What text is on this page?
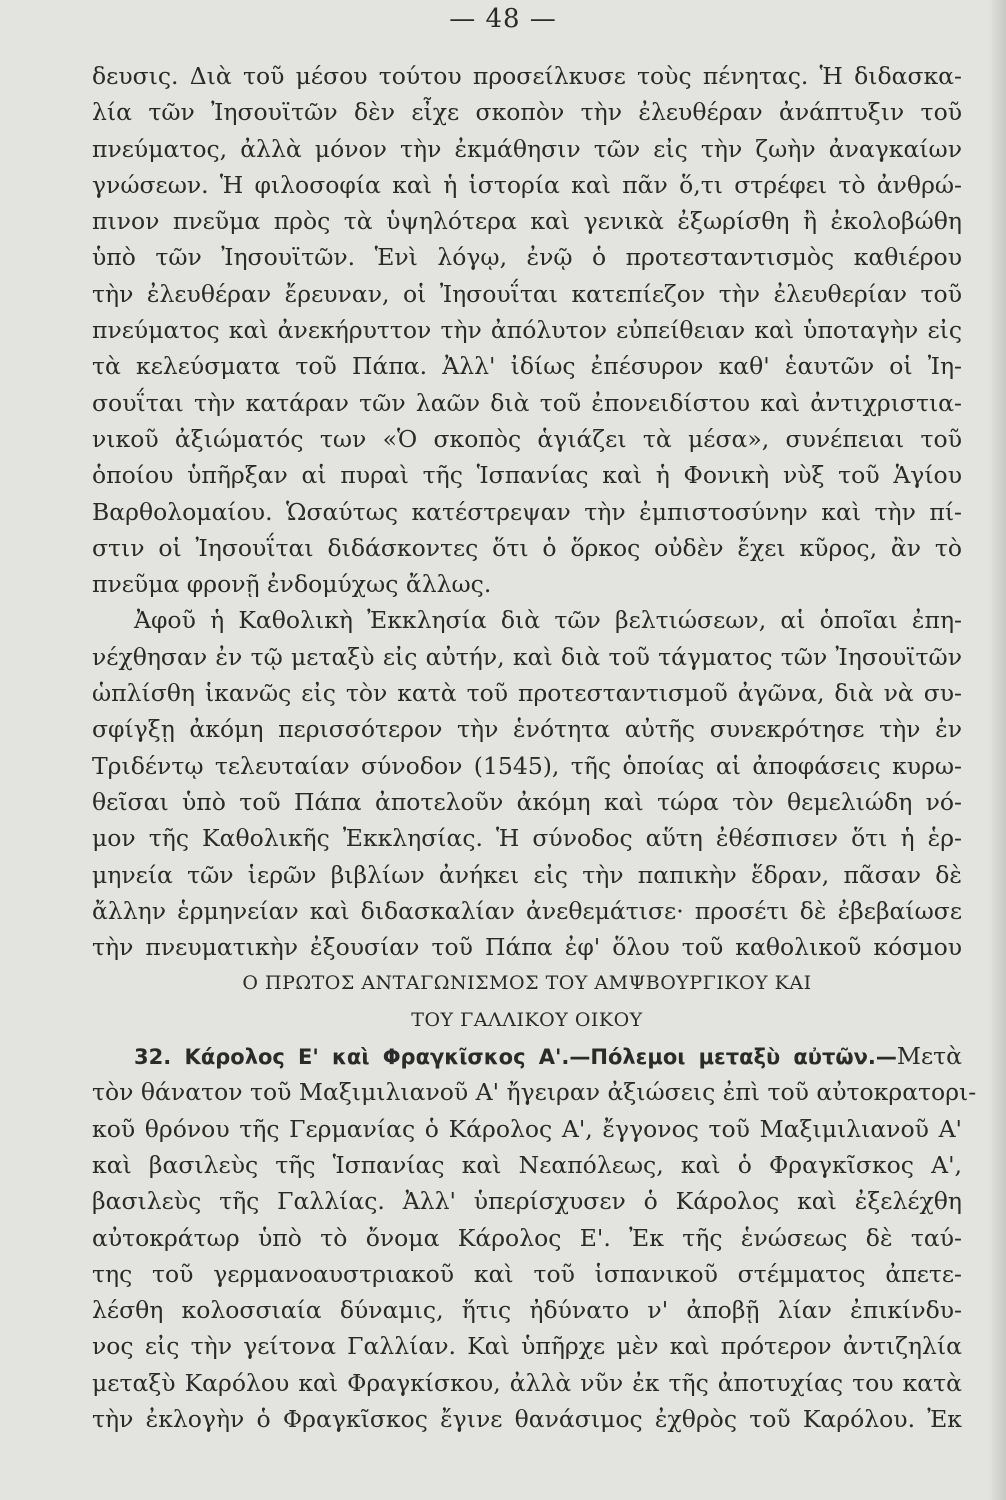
— 48 —
δευσις. Διὰ τοῦ μέσου τούτου προσείλκυσε τοὺς πένητας. Ἡ διδασκα-
λία τῶν Ἰησουϊτῶν δὲν εἶχε σκοπὸν τὴν ἐλευθέραν ἀνάπτυξιν τοῦ
πνεύματος, ἀλλὰ μόνον τὴν ἐκμάθησιν τῶν εἰς τὴν ζωὴν ἀναγκαίων
γνώσεων. Ἡ φιλοσοφία καὶ ἡ ἱστορία καὶ πᾶν ὅ,τι στρέφει τὸ ἀνθρώ-
πινον πνεῦμα πρὸς τὰ ὑψηλότερα καὶ γενικὰ ἐξωρίσθη ἢ ἐκολοβώθη
ὑπὸ τῶν Ἰησουϊτῶν. Ἑνὶ λόγῳ, ἐνῷ ὁ προτεσταντισμὸς καθιέρου
τὴν ἐλευθέραν ἔρευναν, οἱ Ἰησουΐται κατεπίεζον τὴν ἐλευθερίαν τοῦ
πνεύματος καὶ ἀνεκήρυττον τὴν ἀπόλυτον εὐπείθειαν καὶ ὑποταγὴν εἰς
τὰ κελεύσματα τοῦ Πάπα. Ἀλλ' ἰδίως ἐπέσυρον καθ' ἑαυτῶν οἱ Ἰη-
σουΐται τὴν κατάραν τῶν λαῶν διὰ τοῦ ἐπονειδίστου καὶ ἀντιχριστια-
νικοῦ ἀξιώματός των «Ὁ σκοπὸς ἁγιάζει τὰ μέσα», συνέπειαι τοῦ
ὁποίου ὑπῆρξαν αἱ πυραὶ τῆς Ἱσπανίας καὶ ἡ Φονικὴ νὺξ τοῦ Ἁγίου
Βαρθολομαίου. Ὡσαύτως κατέστρεψαν τὴν ἐμπιστοσύνην καὶ τὴν πί-
στιν οἱ Ἰησουΐται διδάσκοντες ὅτι ὁ ὅρκος οὐδὲν ἔχει κῦρος, ἂν τὸ
πνεῦμα φρονῇ ἐνδομύχως ἄλλως.
Ἀφοῦ ἡ Καθολικὴ Ἐκκλησία διὰ τῶν βελτιώσεων, αἱ ὁποῖαι ἐπη-
νέχθησαν ἐν τῷ μεταξὺ εἰς αὐτήν, καὶ διὰ τοῦ τάγματος τῶν Ἰησουϊτῶν
ὡπλίσθη ἱκανῶς εἰς τὸν κατὰ τοῦ προτεσταντισμοῦ ἀγῶνα, διὰ νὰ συ-
σφίγξῃ ἀκόμη περισσότερον τὴν ἑνότητα αὐτῆς συνεκρότησε τὴν ἐν
Τριδέντῳ τελευταίαν σύνοδον (1545), τῆς ὁποίας αἱ ἀποφάσεις κυρω-
θεῖσαι ὑπὸ τοῦ Πάπα ἀποτελοῦν ἀκόμη καὶ τώρα τὸν θεμελιώδη νό-
μον τῆς Καθολικῆς Ἐκκλησίας. Ἡ σύνοδος αὕτη ἐθέσπισεν ὅτι ἡ ἑρ-
μηνεία τῶν ἱερῶν βιβλίων ἀνήκει εἰς τὴν παπικὴν ἕδραν, πᾶσαν δὲ
ἄλλην ἑρμηνείαν καὶ διδασκαλίαν ἀνεθεμάτισε· προσέτι δὲ ἐβεβαίωσε
τὴν πνευματικὴν ἐξουσίαν τοῦ Πάπα ἐφ' ὅλου τοῦ καθολικοῦ κόσμου
Ο ΠΡΩΤΟΣ ΑΝΤΑΓΩΝΙΣΜΟΣ ΤΟΥ ΑΜΨΒΟΥΡΓΙΚΟΥ ΚΑΙ
ΤΟΥ ΓΑΛΛΙΚΟΥ ΟΙΚΟΥ
32. Κάρολος Ε' καὶ Φραγκῖσκος Α'.—Πόλεμοι μεταξὺ αὐτῶν.—Μετὰ
τὸν θάνατον τοῦ Μαξιμιλιανοῦ Α' ἤγειραν ἀξιώσεις ἐπὶ τοῦ αὐτοκρατορι-
κοῦ θρόνου τῆς Γερμανίας ὁ Κάρολος Α', ἔγγονος τοῦ Μαξιμιλιανοῦ Α'
καὶ βασιλεὺς τῆς Ἱσπανίας καὶ Νεαπόλεως, καὶ ὁ Φραγκῖσκος Α',
βασιλεὺς τῆς Γαλλίας. Ἀλλ' ὑπερίσχυσεν ὁ Κάρολος καὶ ἐξελέχθη
αὐτοκράτωρ ὑπὸ τὸ ὄνομα Κάρολος Ε'. Ἐκ τῆς ἑνώσεως δὲ ταύ-
της τοῦ γερμανοαυστριακοῦ καὶ τοῦ ἱσπανικοῦ στέμματος ἀπετε-
λέσθη κολοσσιαία δύναμις, ἥτις ἠδύνατο ν' ἀποβῇ λίαν ἐπικίνδυ-
νος εἰς τὴν γείτονα Γαλλίαν. Καὶ ὑπῆρχε μὲν καὶ πρότερον ἀντιζηλία
μεταξὺ Καρόλου καὶ Φραγκίσκου, ἀλλὰ νῦν ἐκ τῆς ἀποτυχίας του κατὰ
τὴν ἐκλογὴν ὁ Φραγκῖσκος ἔγινε θανάσιμος ἐχθρὸς τοῦ Καρόλου. Ἐκ
